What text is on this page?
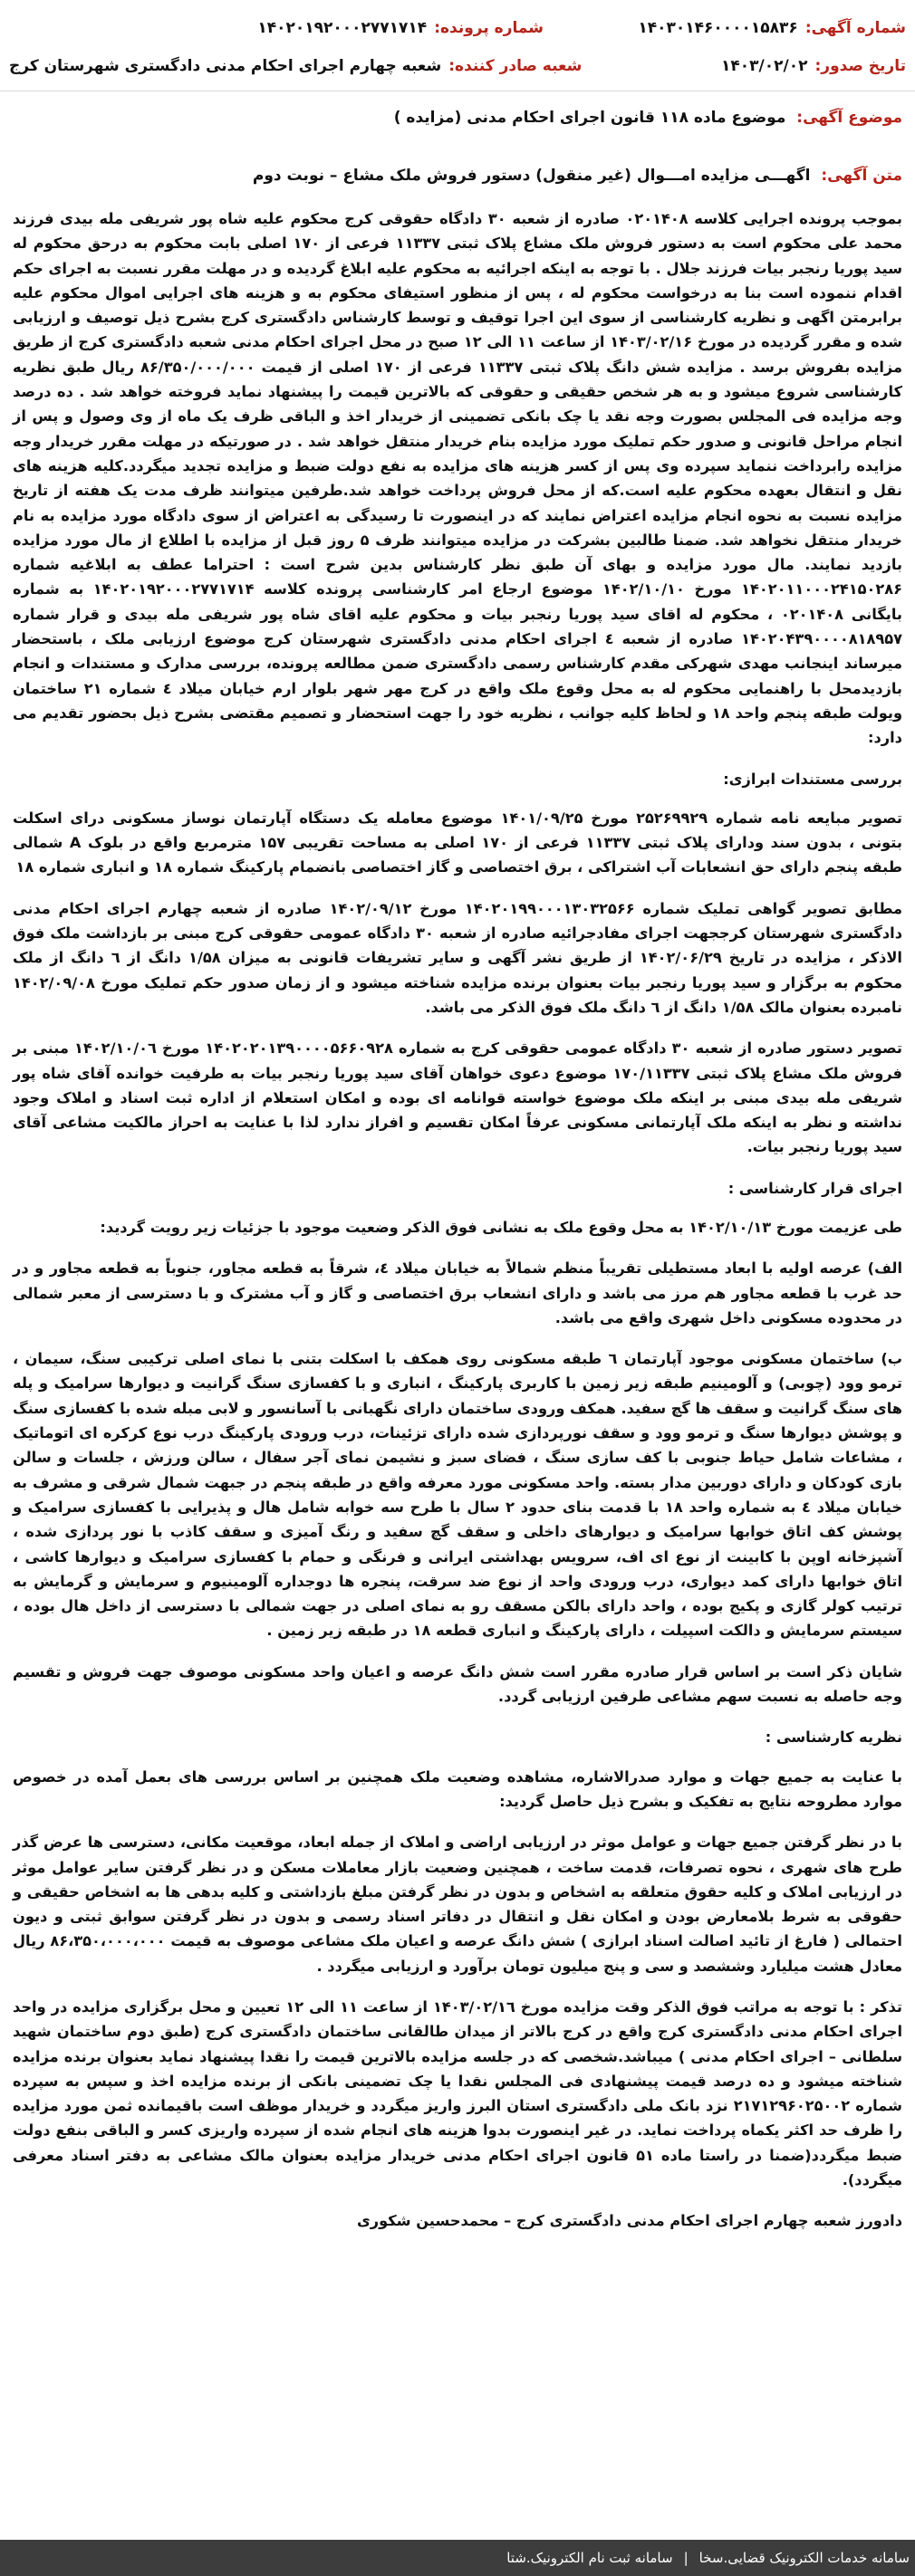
شماره آگهی:
۱۴۰۳۰۱۴۶۰۰۰۰۱۵۸۳۶
شماره پرونده:
۱۴۰۲۰۱۹۲۰۰۰۲۷۷۱۷۱۴
تاریخ صدور:
۱۴۰۳/۰۲/۰۲
شعبه صادر کننده:
شعبه چهارم اجرای احکام مدنی دادگستری شهرستان کرج
موضوع آگهی: موضوع ماده ۱۱۸ قانون اجرای احکام مدنی (مزایده )
متن آگهی: اگهـــی مزایده امـــوال (غیر منقول) دستور فروش ملک مشاع – نوبت دوم

بموجب پرونده اجرایی کلاسه ۰۲۰۱۴۰۸ صادره از شعبه ۳۰ دادگاه حقوقی کرج محکوم علیه شاه پور شریفی مله بیدی فرزند محمد علی محکوم است به دستور فروش ملک مشاع پلاک ثبتی ۱۱۳۳۷ فرعی از ۱۷۰ اصلی بابت محکوم به درحق محکوم له سید پوریا رنجبر بیات فرزند جلال . با توجه به اینکه اجرائیه به محکوم علیه ابلاغ گردیده و در مهلت مقرر نسبت به اجرای حکم اقدام ننموده است بنا به درخواست محکوم له ، پس از منظور استیفای محکوم به و هزینه های اجرایی اموال محکوم علیه برابرمتن اگهی و نظریه کارشناسی از سوی این اجرا توقیف و توسط کارشناس دادگستری کرج بشرح ذیل توصیف و ارزیابی شده و مقرر گردیده در مورخ ۱۴۰۳/۰۲/۱۶ از ساعت ۱۱ الی ۱۲ صبح در محل اجرای احکام مدنی شعبه دادگستری کرج از طریق مزایده بفروش برسد . مزایده شش دانگ پلاک ثبتی ۱۱۳۳۷ فرعی از ۱۷۰ اصلی از قیمت ۸۶/۳۵۰/۰۰۰/۰۰۰ ریال طبق نظریه کارشناسی شروع میشود و به هر شخص حقیقی و حقوقی که بالاترین قیمت را پیشنهاد نماید فروخته خواهد شد . ده درصد وجه مزایده فی المجلس بصورت وجه نقد یا چک بانکی تضمینی از خریدار اخذ و الباقی ظرف یک ماه از وی وصول و پس از انجام مراحل قانونی و صدور حکم تملیک مورد مزایده بنام خریدار منتقل خواهد شد . در صورتیکه در مهلت مقرر خریدار وجه مزایده رابرداخت ننماید سپرده وی پس از کسر هزینه های مزایده به نفع دولت ضبط و مزایده تجدید میگردد.کلیه هزینه های نقل و انتقال بعهده محکوم علیه است.که از محل فروش پرداخت خواهد شد.طرفین میتوانند ظرف مدت یک هفته از تاریخ مزایده نسبت به نحوه انجام مزایده اعتراض نمایند که در اینصورت تا رسیدگی به اعتراض از سوی دادگاه مورد مزایده به نام خریدار منتقل نخواهد شد. ضمنا طالبین بشرکت در مزایده میتوانند ظرف ۵ روز قبل از مزایده با اطلاع از مال مورد مزایده بازدید نمایند. مال مورد مزایده و بهای آن طبق نظر کارشناس بدین شرح است : احتراما عطف به ابلاغیه شماره ۱۴۰۲۰۱۱۰۰۰۲۴۱۵۰۲۸۶ مورخ ۱۴۰۲/۱۰/۱۰ موضوع ارجاع امر کارشناسی پرونده کلاسه ۱۴۰۲۰۱۹۲۰۰۰۲۷۷۱۷۱۴ به شماره بایگانی ۰۲۰۱۴۰۸ ، محکوم له اقای سید پوریا رنجبر بیات و محکوم علیه اقای شاه پور شریفی مله بیدی و قرار شماره ۱۴۰۲۰۴۳۹۰۰۰۰۸۱۸۹۵۷ صادره از شعبه ٤ اجرای احکام مدنی دادگستری شهرستان کرج موضوع ارزیابی ملک ، باستحضار میرساند اینجانب مهدی شهرکی مقدم کارشناس رسمی دادگستری ضمن مطالعه پرونده، بررسی مدارک و مستندات و انجام بازدیدمحل با راهنمایی محکوم له به محل وقوع ملک واقع در کرج مهر شهر بلوار ارم خیابان میلاد ٤ شماره ۲۱ ساختمان ویولت طبقه پنجم واحد ۱۸ و لحاظ کلیه جوانب ، نظریه خود را جهت استحضار و تصمیم مقتضی بشرح ذیل بحضور تقدیم می دارد:

بررسی مستندات ابرازی:

تصویر مبایعه نامه شماره ۲۵۲۶۹۹۲۹ مورخ ۱۴۰۱/۰۹/۲۵ موضوع معامله یک دستگاه آپارتمان نوساز مسکونی درای اسکلت بتونی ، بدون سند ودارای پلاک ثبتی ۱۱۳۳۷ فرعی از ۱۷۰ اصلی به مساحت تقریبی ۱۵۷ مترمربع واقع در بلوک A شمالی طبقه پنجم دارای حق انشعابات آب اشتراکی ، برق اختصاصی و گاز اختصاصی بانضمام پارکینگ شماره ۱۸ و انباری شماره ۱۸

مطابق تصویر گواهی تملیک شماره ۱۴۰۲۰۱۹۹۰۰۰۱۳۰۳۲۵۶۶ مورخ ۱۴۰۲/۰۹/۱۲ صادره از شعبه چهارم اجرای احکام مدنی دادگستری شهرستان کرججهت اجرای مفادجرائیه صادره از شعبه ۳۰ دادگاه عمومی حقوقی کرج مبنی بر بازداشت ملک فوق الاذکر ، مزایده در تاریخ ۱۴۰۲/۰۶/۲۹ از طریق نشر آگهی و سایر تشریفات قانونی به میزان ۱/۵۸ دانگ از ٦ دانگ از ملک محکوم به برگزار و سید پوریا رنجبر بیات بعنوان برنده مزایده شناخته میشود و از زمان صدور حکم تملیک مورخ ۱۴۰۲/۰۹/۰۸ نامبرده بعنوان مالک ۱/۵۸ دانگ از ٦ دانگ ملک فوق الذکر می باشد.

تصویر دستور صادره از شعبه ۳۰ دادگاه عمومی حقوقی کرج به شماره ۱۴۰۲۰۲۰۱۳۹۰۰۰۰۵۶۶۰۹۲۸ مورخ ۱۴۰۲/۱۰/۰٦ مبنی بر فروش ملک مشاع پلاک ثبتی ۱۷۰/۱۱۳۳۷ موضوع دعوی خواهان آقای سید پوریا رنجبر بیات به طرفیت خوانده آقای شاه پور شریفی مله بیدی مبنی بر اینکه ملک موضوع خواسته قوانامه ای بوده و امکان استعلام از اداره ثبت اسناد و املاک وجود نداشته و نظر به اینکه ملک آپارتمانی مسکونی عرفاً امکان تقسیم و افراز ندارد لذا با عنایت به احراز مالکیت مشاعی آقای سید پوریا رنجبر بیات.

اجرای قرار کارشناسی :

طی عزیمت مورخ ۱۴۰۲/۱۰/۱۳ به محل وقوع ملک به نشانی فوق الذکر وضعیت موجود با جزئیات زیر رویت گردید:

الف) عرصه اولیه با ابعاد مستطیلی تقریباً منظم شمالاً به خیابان میلاد ٤، شرقاً به قطعه مجاور، جنوباً به قطعه مجاور و در حد غرب با قطعه مجاور هم مرز می باشد و دارای انشعاب برق اختصاصی و گاز و آب مشترک و با دسترسی از معبر شمالی در محدوده مسکونی داخل شهری واقع می باشد.

ب) ساختمان مسکونی موجود آپارتمان ٦ طبقه مسکونی روی همکف با اسکلت بتنی با نمای اصلی ترکیبی سنگ، سیمان ، ترمو وود (چوبی) و آلومینیم طبقه زیر زمین با کاربری پارکینگ ، انباری و با کفسازی سنگ گرانیت و دیوارها سرامیک و پله های سنگ گرانیت و سقف ها گچ سفید. همکف ورودی ساختمان دارای نگهبانی با آسانسور و لابی مبله شده با کفسازی سنگ و پوشش دیوارها سنگ و ترمو وود و سقف نورپردازی شده دارای تزئینات، درب ورودی پارکینگ درب نوع کرکره ای اتوماتیک ، مشاعات شامل حیاط جنوبی با کف سازی سنگ ، فضای سبز و نشیمن نمای آجر سفال ، سالن ورزش ، جلسات و سالن بازی کودکان و دارای دوربین مدار بسته. واحد مسکونی مورد معرفه واقع در طبقه پنجم در جبهت شمال شرقی و مشرف به خیابان میلاد ٤ به شماره واحد ۱۸ با قدمت بنای حدود ۲ سال با طرح سه خوابه شامل هال و پذیرایی با کفسازی سرامیک و پوشش کف اتاق خوابها سرامیک و دیوارهای داخلی و سقف گچ سفید و رنگ آمیزی و سقف کاذب با نور پردازی شده ، آشپزخانه اوپن با کابینت از نوع ای اف، سرویس بهداشتی ایرانی و فرنگی و حمام با کفسازی سرامیک و دیوارها کاشی ، اتاق خوابها دارای کمد دیواری، درب ورودی واحد از نوع ضد سرقت، پنجره ها دوجداره آلومینیوم و سرمایش و گرمایش به ترتیب کولر گازی و پکیج بوده ، واحد دارای بالکن مسقف رو به نمای اصلی در جهت شمالی با دسترسی از داخل هال بوده ، سیستم سرمایش و دالکت اسپیلت ، دارای پارکینگ و انباری قطعه ۱۸ در طبقه زیر زمین .

شایان ذکر است بر اساس قرار صادره مقرر است شش دانگ عرصه و اعیان واحد مسکونی موصوف جهت فروش و تقسیم وجه حاصله به نسبت سهم مشاعی طرفین ارزیابی گردد.

نظریه کارشناسی :

با عنایت به جمیع جهات و موارد صدرالاشاره، مشاهده وضعیت ملک همچنین بر اساس بررسی های بعمل آمده در خصوص موارد مطروحه نتایج به تفکیک و بشرح ذیل حاصل گردید:

با در نظر گرفتن جمیع جهات و عوامل موثر در ارزیابی اراضی و املاک از جمله ابعاد، موقعیت مکانی، دسترسی ها عرض گذر طرح های شهری ، نحوه تصرفات، قدمت ساخت ، همچنین وضعیت بازار معاملات مسکن و در نظر گرفتن سایر عوامل موثر در ارزیابی املاک و کلیه حقوق متعلقه به اشخاص و بدون در نظر گرفتن مبلغ بازداشتی و کلیه بدهی ها به اشخاص حقیقی و حقوقی به شرط بلامعارض بودن و امکان نقل و انتقال در دفاتر اسناد رسمی و بدون در نظر گرفتن سوابق ثبتی و دیون احتمالی ( فارغ از تائید اصالت اسناد ابرازی ) شش دانگ عرصه و اعیان ملک مشاعی موصوف به قیمت ۸۶،۳۵۰،۰۰۰،۰۰۰ ریال معادل هشت میلیارد وششصد و سی و پنج میلیون تومان برآورد و ارزیابی میگردد .

تذکر : با توجه به مراتب فوق الذکر وقت مزایده مورخ ۱۴۰۳/۰۲/۱٦ از ساعت ۱۱ الی ۱۲ تعیین و محل برگزاری مزایده در واحد اجرای احکام مدنی دادگستری کرج واقع در کرج بالاتر از میدان طالقانی ساختمان دادگستری کرج (طبق دوم ساختمان شهید سلطانی – اجرای احکام مدنی ) میباشد.شخصی که در جلسه مزایده بالاترین قیمت را نقدا پیشنهاد نماید بعنوان برنده مزایده شناخته میشود و ده درصد قیمت پیشنهادی فی المجلس نقدا یا چک تضمینی بانکی از برنده مزایده اخذ و سپس به سپرده شماره ۲۱۷۱۲۹۶۰۲۵۰۰۲ نزد بانک ملی دادگستری استان البرز واریز میگردد و خریدار موظف است باقیمانده ثمن مورد مزایده را ظرف حد اکثر یکماه پرداخت نماید. در غیر اینصورت بدوا هزینه های انجام شده از سپرده واریزی کسر و الباقی بنفع دولت ضبط میگردد(ضمنا در راستا ماده ۵۱ قانون اجرای احکام مدنی خریدار مزایده بعنوان مالک مشاعی به دفتر اسناد معرفی میگردد).

دادورز شعبه چهارم اجرای احکام مدنی دادگستری کرج – محمدحسین شکوری

سامانه ثبت نام الکترونیک.شتا | سامانه خدمات الکترونیک قضایی.سخا
